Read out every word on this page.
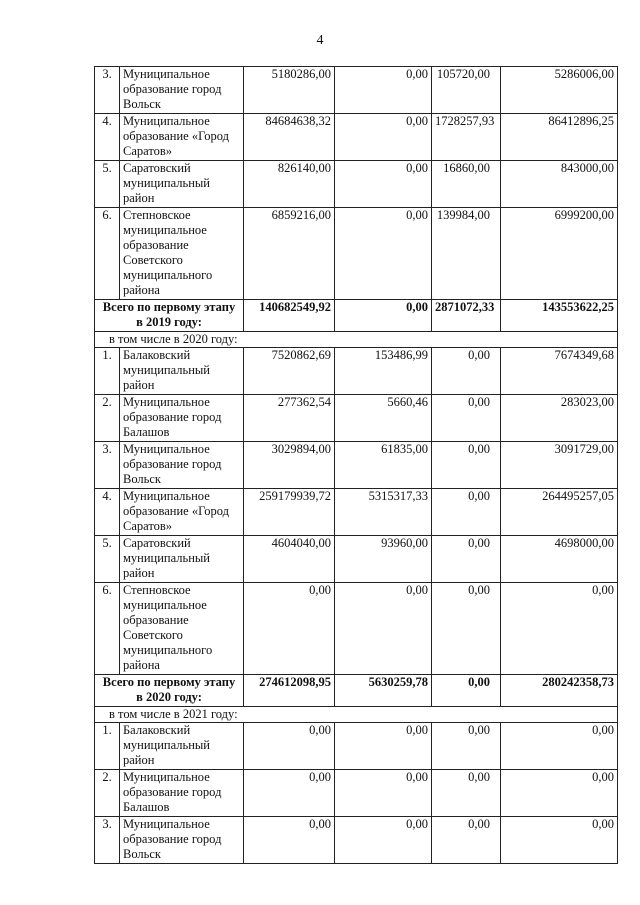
4
3.	Муниципальное образование город Вольск	5180286,00	0,00	105720,00	5286006,00
4.	Муниципальное образование «Город Саратов»	84684638,32	0,00	1728257,93	86412896,25
5.	Саратовский муниципальный район	826140,00	0,00	16860,00	843000,00
6.	Степновское муниципальное образование Советского муниципального района	6859216,00	0,00	139984,00	6999200,00
Всего по первому этапу в 2019 году:		140682549,92	0,00	2871072,33	143553622,25
в том числе в 2020 году:					
1.	Балаковский муниципальный район	7520862,69	153486,99	0,00	7674349,68
2.	Муниципальное образование город Балашов	277362,54	5660,46	0,00	283023,00
3.	Муниципальное образование город Вольск	3029894,00	61835,00	0,00	3091729,00
4.	Муниципальное образование «Город Саратов»	259179939,72	5315317,33	0,00	264495257,05
5.	Саратовский муниципальный район	4604040,00	93960,00	0,00	4698000,00
6.	Степновское муниципальное образование Советского муниципального района	0,00	0,00	0,00	0,00
Всего по первому этапу в 2020 году:		274612098,95	5630259,78	0,00	280242358,73
в том числе в 2021 году:					
1.	Балаковский муниципальный район	0,00	0,00	0,00	0,00
2.	Муниципальное образование город Балашов	0,00	0,00	0,00	0,00
3.	Муниципальное образование город Вольск	0,00	0,00	0,00	0,00
